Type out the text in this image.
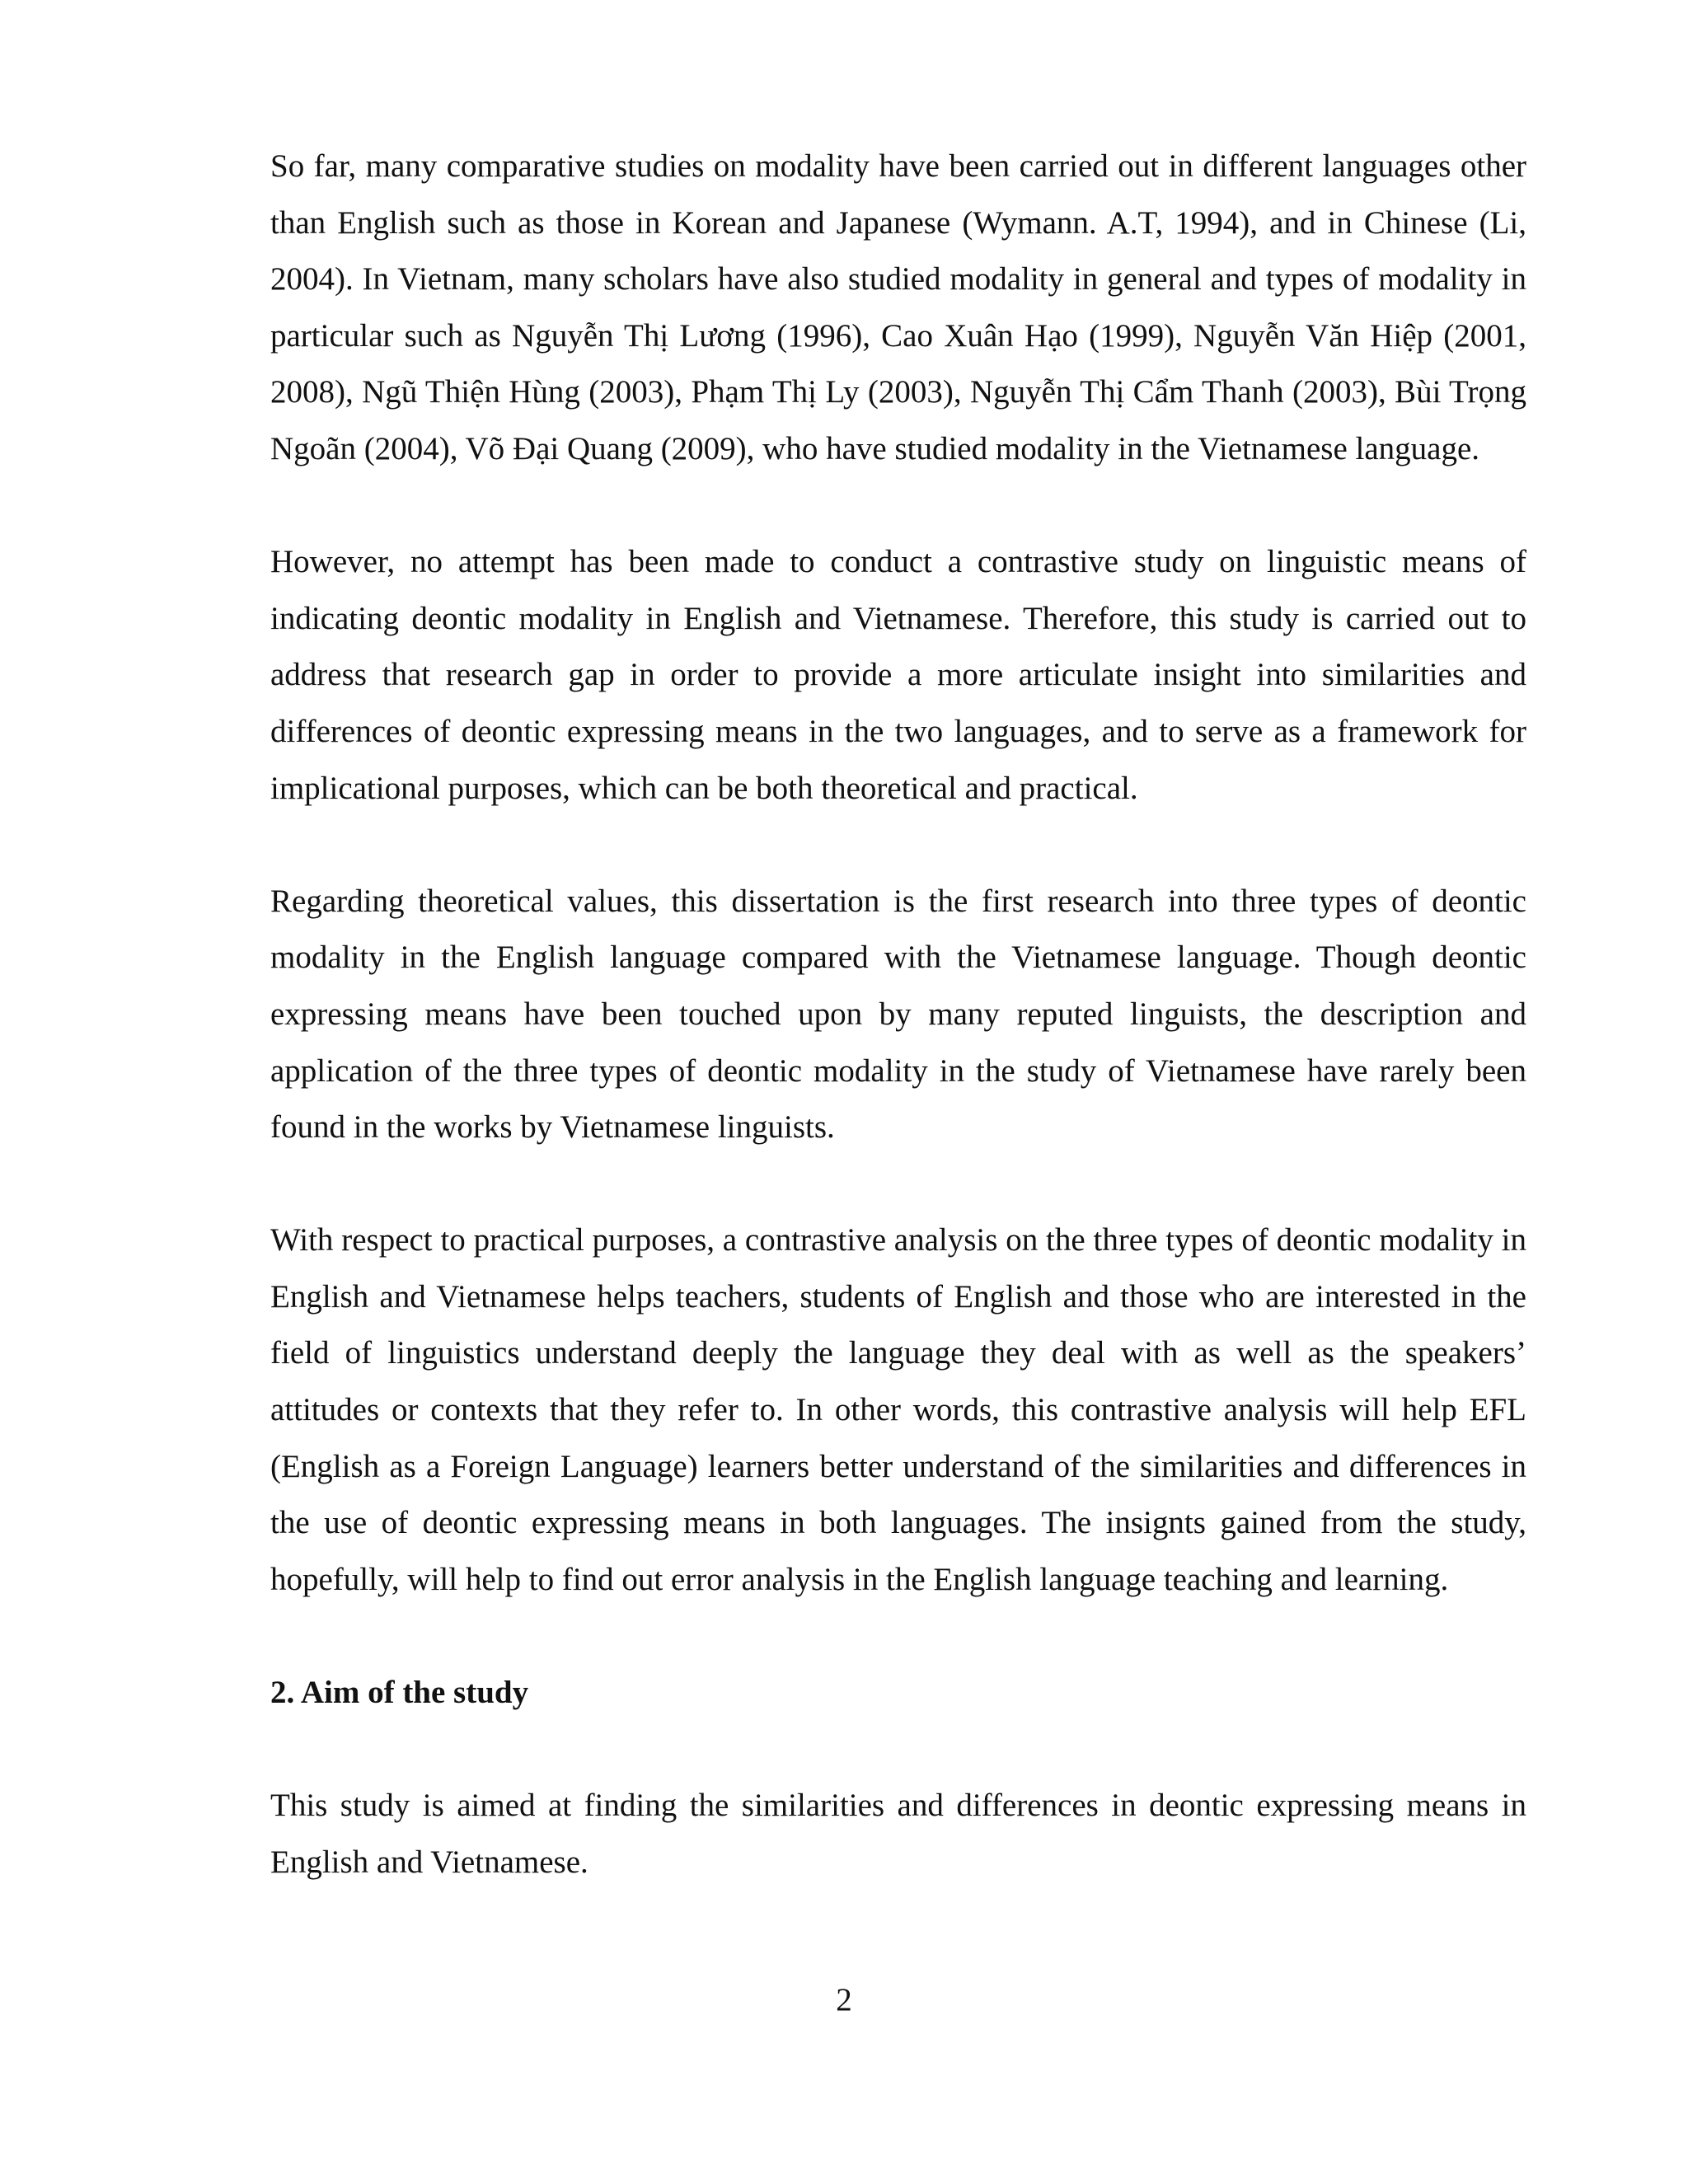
So far, many comparative studies on modality have been carried out in different languages other than English such as those in Korean and Japanese (Wymann. A.T, 1994), and in Chinese (Li, 2004). In Vietnam, many scholars have also studied modality in general and types of modality in particular such as Nguyễn Thị Lương (1996), Cao Xuân Hạo (1999), Nguyễn Văn Hiệp (2001, 2008), Ngũ Thiện Hùng (2003), Phạm Thị Ly (2003), Nguyễn Thị Cẩm Thanh (2003), Bùi Trọng Ngoãn (2004), Võ Đại Quang (2009), who have studied modality in the Vietnamese language.

However, no attempt has been made to conduct a contrastive study on linguistic means of indicating deontic modality in English and Vietnamese. Therefore, this study is carried out to address that research gap in order to provide a more articulate insight into similarities and differences of deontic expressing means in the two languages, and to serve as a framework for implicational purposes, which can be both theoretical and practical.

Regarding theoretical values, this dissertation is the first research into three types of deontic modality in the English language compared with the Vietnamese language. Though deontic expressing means have been touched upon by many reputed linguists, the description and application of the three types of deontic modality in the study of Vietnamese have rarely been found in the works by Vietnamese linguists.

With respect to practical purposes, a contrastive analysis on the three types of deontic modality in English and Vietnamese helps teachers, students of English and those who are interested in the field of linguistics understand deeply the language they deal with as well as the speakers’ attitudes or contexts that they refer to. In other words, this contrastive analysis will help EFL (English as a Foreign Language) learners better understand of the similarities and differences in the use of deontic expressing means in both languages. The insignts gained from the study, hopefully, will help to find out error analysis in the English language teaching and learning.

2. Aim of the study

This study is aimed at finding the similarities and differences in deontic expressing means in English and Vietnamese.

2
